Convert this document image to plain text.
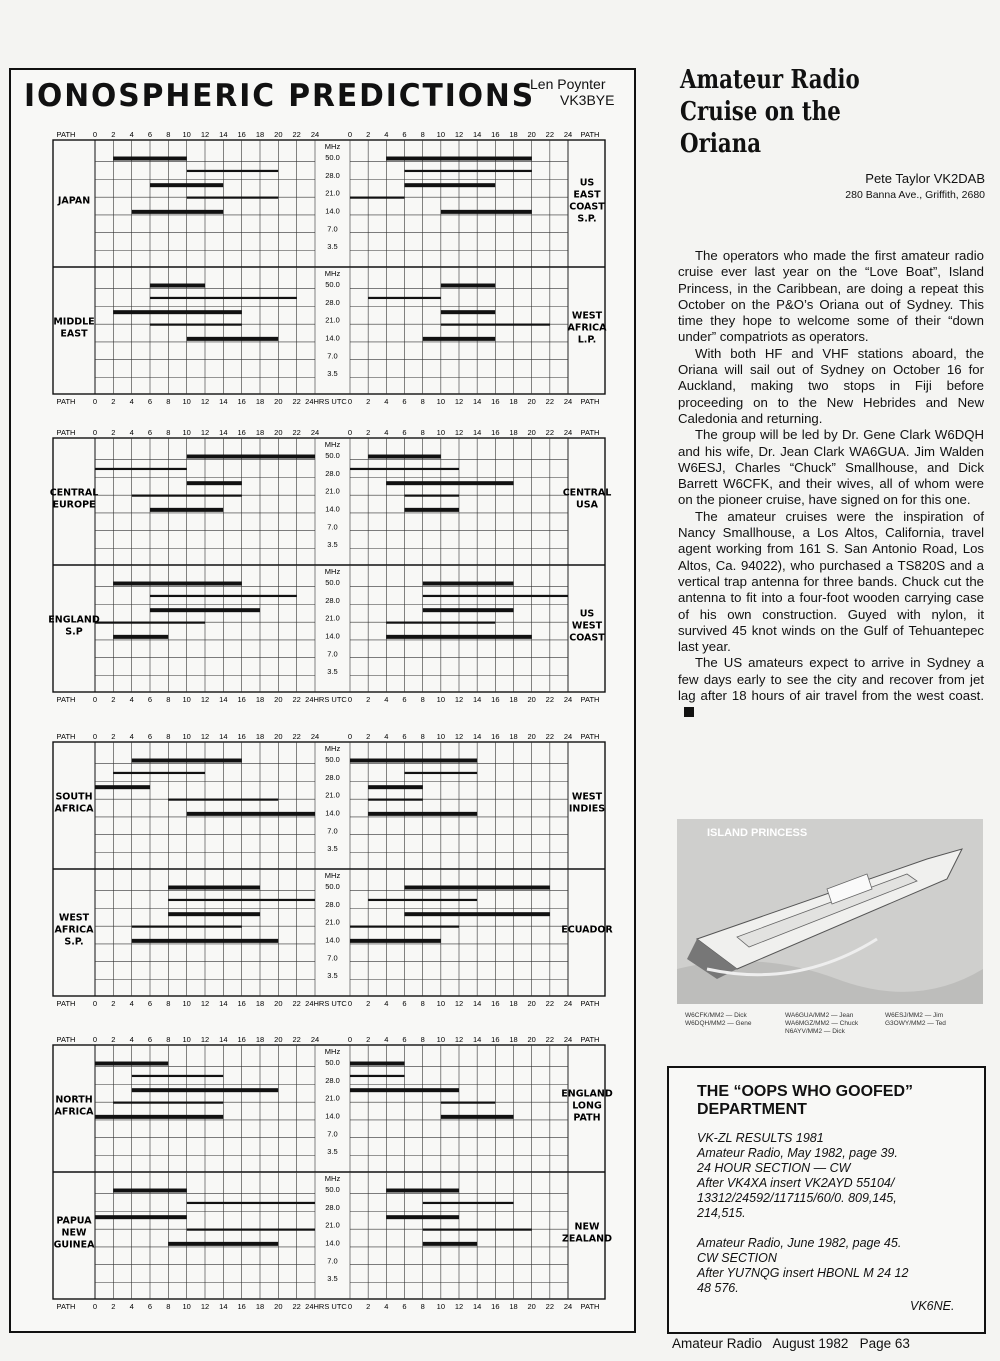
IONOSPHERIC PREDICTIONS
Len Poynter
VK3BYE
PATH	PATH
0	0
2	2
4	4
6	6
8	8
10	10
12	12
14	14
16	16
18	18
20	20
22	22
24	24
50.0
28.0
21.0
14.0
7.0
3.5
MHz
JAPAN
US
EAST
COAST
S.P.
50.0
28.0
21.0
14.0
7.0
3.5
MHz
MIDDLE
EAST
WEST
AFRICA
L.P.
PATH	PATH
0	0
2	2
4	4
6	6
8	8
10	10
12	12
14	14
16	16
18	18
20	20
22	22 24
24HRS UTC
PATH	PATH
0	0
2	2
4	4
6	6
8	8
10	10
12	12
14	14
16	16
18	18
20	20
22	22
24	24
50.0
28.0
21.0
14.0
7.0
3.5
MHz
CENTRAL
EUROPE
CENTRAL
USA
50.0
28.0
21.0
14.0
7.0
3.5
MHz
ENGLAND
S.P
US
WEST
COAST
PATH	PATH
0	0
2	2
4	4
6	6
8	8
10	10
12	12
14	14
16	16
18	18
20	20
22	22 24
24HRS UTC
PATH	PATH
0	0
2	2
4	4
6	6
8	8
10	10
12	12
14	14
16	16
18	18
20	20
22	22
24	24
50.0
28.0
21.0
14.0
7.0
3.5
MHz
SOUTH
AFRICA
WEST
INDIES
50.0
28.0
21.0
14.0
7.0
3.5
MHz
WEST
AFRICA
S.P.
ECUADOR
PATH	PATH
0	0
2	2
4	4
6	6
8	8
10	10
12	12
14	14
16	16
18	18
20	20
22	22 24
24HRS UTC
PATH	PATH
0	0
2	2
4	4
6	6
8	8
10	10
12	12
14	14
16	16
18	18
20	20
22	22
24	24
50.0
28.0
21.0
14.0
7.0
3.5
MHz
NORTH
AFRICA
ENGLAND
LONG
PATH
50.0
28.0
21.0
14.0
7.0
3.5
MHz
PAPUA
NEW
GUINEA
NEW
ZEALAND
PATH	PATH
0	0
2	2
4	4
6	6
8	8
10	10
12	12
14	14
16	16
18	18
20	20
22	22 24
24HRS UTC
Amateur Radio Cruise on the Oriana
Pete Taylor VK2DAB
280 Banna Ave., Griffith, 2680

The operators who made the first amateur radio cruise ever last year on the “Love Boat”, Island Princess, in the Caribbean, are doing a repeat this October on the P&O’s Oriana out of Sydney. This time they hope to welcome some of their “down under” compatriots as operators.

With both HF and VHF stations aboard, the Oriana will sail out of Sydney on October 16 for Auckland, making two stops in Fiji before proceeding on to the New Hebrides and New Caledonia and returning.

The group will be led by Dr. Gene Clark W6DQH and his wife, Dr. Jean Clark WA6GUA. Jim Walden W6ESJ, Charles “Chuck” Smallhouse, and Dick Barrett W6CFK, and their wives, all of whom were on the pioneer cruise, have signed on for this one.

The amateur cruises were the inspiration of Nancy Smallhouse, a Los Altos, California, travel agent working from 161 S. San Antonio Road, Los Altos, Ca. 94022), who purchased a TS820S and a vertical trap antenna for three bands. Chuck cut the antenna to fit into a four-foot wooden carrying case of his own construction. Guyed with nylon, it survived 45 knot winds on the Gulf of Tehuantepec last year.

The US amateurs expect to arrive in Sydney a few days early to see the city and recover from jet lag after 18 hours of air travel from the west coast.

ISLAND PRINCESS
W6CFK/MM2 — Dick	WA6GUA/MM2 — Jean	W6ESJ/MM2 — Jim
W6DQH/MM2 — Gene	WA6MGZ/MM2 — Chuck	G3OWY/MM2 — Ted
N6AYV/MM2 — Dick
THE “OOPS WHO GOOFED”
DEPARTMENT

VK-ZL RESULTS 1981
Amateur Radio, May 1982, page 39.
24 HOUR SECTION — CW
After VK4XA insert VK2AYD 55104/
13312/24592/117115/60/0. 809,145,
214,515.

Amateur Radio, June 1982, page 45.
CW SECTION
After YU7NQG insert HBONL M 24 12
48 576.

VK6NE.
Amateur Radio   August 1982   Page 63
